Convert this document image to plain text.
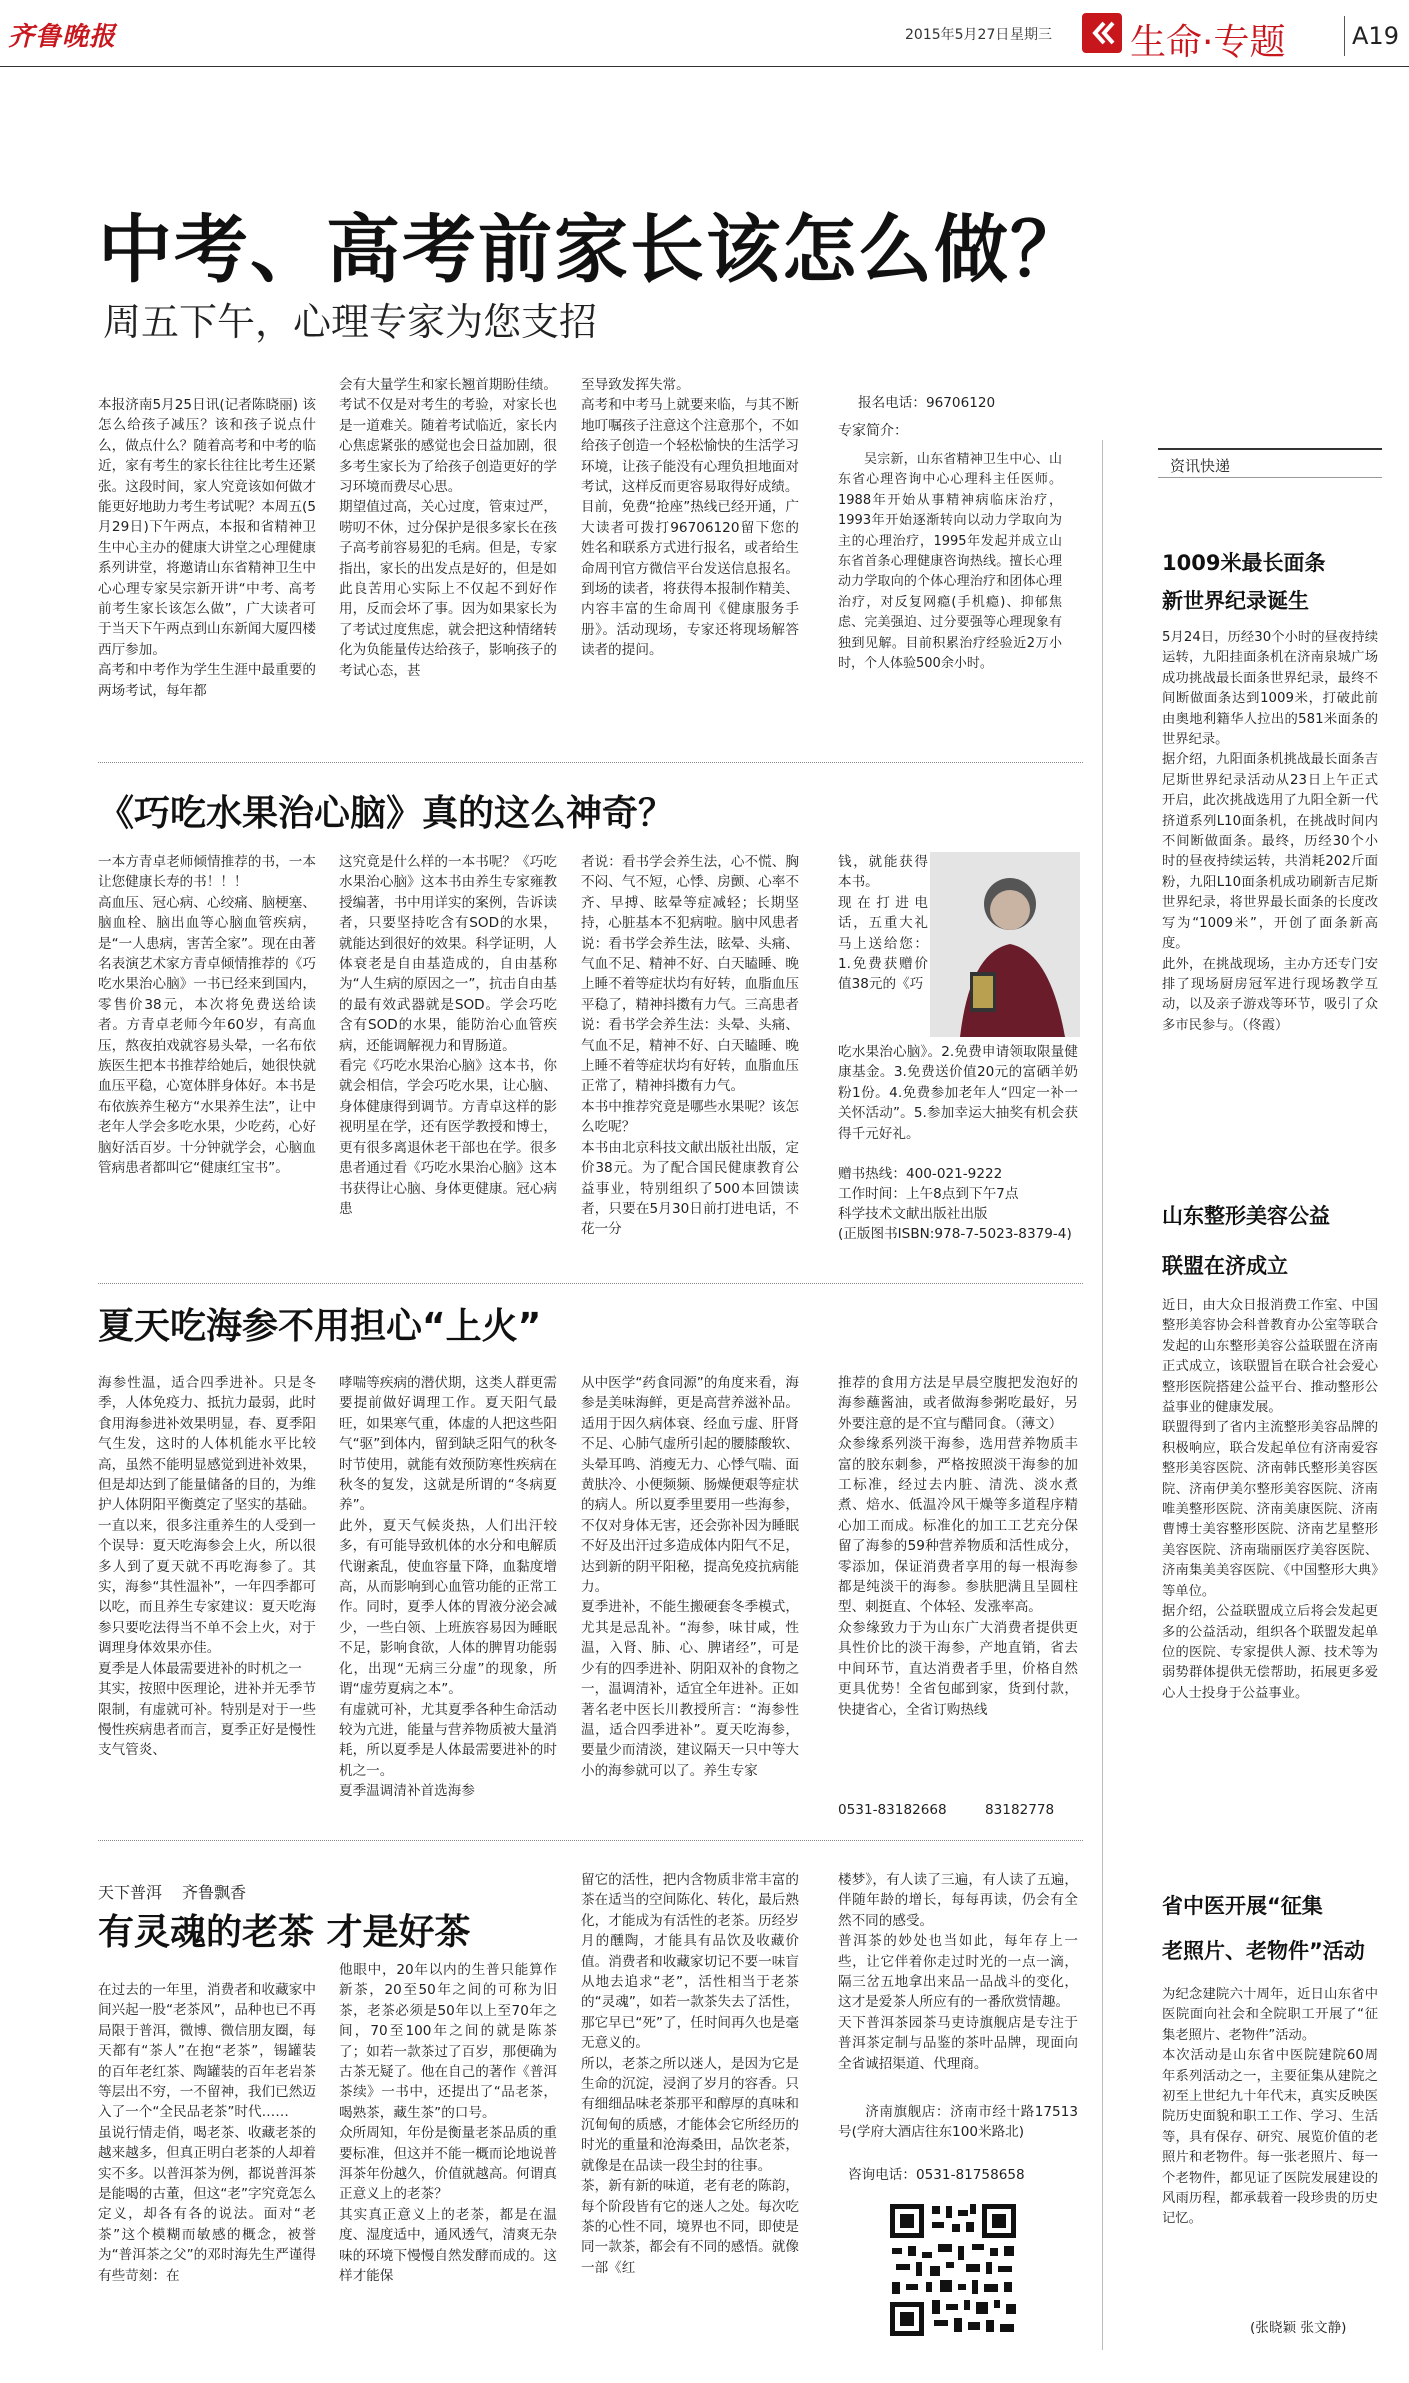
齐鲁晚报	2015年5月27日 星期三 生命·专题	A19
中考、高考前家长该怎么做？
周五下午，心理专家为您支招
本报济南5月25日讯(记者陈晓丽) 该怎么给孩子减压？该和孩子说点什么，做点什么？随着高考和中考的临近，家有考生的家长往往比考生还紧张。这段时间，家人究竟该如何做才能更好地助力考生考试呢？本周五(5月29日)下午两点，本报和省精神卫生中心主办的健康大讲堂之心理健康系列讲堂，将邀请山东省精神卫生中心心理专家吴宗新开讲“中考、高考前考生家长该怎么做”，广大读者可于当天下午两点到山东新闻大厦四楼西厅参加。
高考和中考作为学生生涯中最重要的两场考试，每年都
会有大量学生和家长翘首期盼佳绩。考试不仅是对考生的考验，对家长也是一道难关。随着考试临近，家长内心焦虑紧张的感觉也会日益加剧，很多考生家长为了给孩子创造更好的学习环境而费尽心思。
期望值过高，关心过度，管束过严，唠叨不休，过分保护是很多家长在孩子高考前容易犯的毛病。但是，专家指出，家长的出发点是好的，但是如此良苦用心实际上不仅起不到好作用，反而会坏了事。因为如果家长为了考试过度焦虑，就会把这种情绪转化为负能量传达给孩子，影响孩子的考试心态，甚
至导致发挥失常。
高考和中考马上就要来临，与其不断地叮嘱孩子注意这个注意那个，不如给孩子创造一个轻松愉快的生活学习环境，让孩子能没有心理负担地面对考试，这样反而更容易取得好成绩。
目前，免费“抢座”热线已经开通，广大读者可拨打96706120留下您的姓名和联系方式进行报名，或者给生命周刊官方微信平台发送信息报名。到场的读者，将获得本报制作精美、内容丰富的生命周刊《健康服务手册》。活动现场，专家还将现场解答读者的提问。
报名电话：96706120
专家简介：
吴宗新，山东省精神卫生中心、山东省心理咨询中心心理科主任医师。1988年开始从事精神病临床治疗，1993年开始逐渐转向以动力学取向为主的心理治疗，1995年发起并成立山东省首条心理健康咨询热线。擅长心理动力学取向的个体心理治疗和团体心理治疗，对反复网瘾(手机瘾)、抑郁焦虑、完美强迫、过分要强等心理现象有独到见解。目前积累治疗经验近2万小时，个人体验500余小时。
《巧吃水果治心脑》真的这么神奇？
一本方青卓老师倾情推荐的书，一本让您健康长寿的书！！！
高血压、冠心病、心绞痛、脑梗塞、脑血栓、脑出血等心脑血管疾病，是“一人患病，害苦全家”。现在由著名表演艺术家方青卓倾情推荐的《巧吃水果治心脑》一书已经来到国内，零售价38元，本次将免费送给读者。方青卓老师今年60岁，有高血压，熬夜拍戏就容易头晕，一名布依族医生把本书推荐给她后，她很快就血压平稳，心宽体胖身体好。本书是布依族养生秘方“水果养生法”，让中老年人学会多吃水果，少吃药，心好脑好活百岁。十分钟就学会，心脑血管病患者都叫它“健康红宝书”。
这究竟是什么样的一本书呢？《巧吃水果治心脑》这本书由养生专家雍教授编著，书中用详实的案例，告诉读者，只要坚持吃含有SOD的水果，就能达到很好的效果。科学证明，人体衰老是自由基造成的，自由基称为“人生病的原因之一”，抗击自由基的最有效武器就是SOD。学会巧吃含有SOD的水果，能防治心血管疾病，还能调解视力和胃肠道。
看完《巧吃水果治心脑》这本书，你就会相信，学会巧吃水果，让心脑、身体健康得到调节。方青卓这样的影视明星在学，还有医学教授和博士，更有很多离退休老干部也在学。很多患者通过看《巧吃水果治心脑》这本书获得让心脑、身体更健康。冠心病患
者说：看书学会养生法，心不慌、胸不闷、气不短，心悸、房颤、心率不齐、早搏、眩晕等症减轻；长期坚持，心脏基本不犯病啦。脑中风患者说：看书学会养生法，眩晕、头痛、气血不足、精神不好、白天瞌睡、晚上睡不着等症状均有好转，血脂血压平稳了，精神抖擞有力气。三高患者说：看书学会养生法：头晕、头痛、气血不足，精神不好、白天瞌睡、晚上睡不着等症状均有好转，血脂血压正常了，精神抖擞有力气。
本书中推荐究竟是哪些水果呢？该怎么吃呢？
本书由北京科技文献出版社出版，定价38元。为了配合国民健康教育公益事业，特别组织了500本回馈读者，只要在5月30日前打进电话，不花一分
钱，就能获得本书。
现在打进电话，五重大礼马上送给您：1.免费获赠价值38元的《巧
吃水果治心脑》。2.免费申请领取限量健康基金。3.免费送价值20元的富硒羊奶粉1份。4.免费参加老年人“四定一补一关怀活动”。5.参加幸运大抽奖有机会获得千元好礼。
赠书热线：400-021-9222
工作时间：上午8点到下午7点
科学技术文献出版社出版
(正版图书ISBN:978-7-5023-8379-4)
夏天吃海参不用担心“上火”
海参性温，适合四季进补。只是冬季，人体免疫力、抵抗力最弱，此时食用海参进补效果明显，春、夏季阳气生发，这时的人体机能水平比较高，虽然不能明显感觉到进补效果，但是却达到了能量储备的目的，为维护人体阴阳平衡奠定了坚实的基础。
一直以来，很多注重养生的人受到一个误导：夏天吃海参会上火，所以很多人到了夏天就不再吃海参了。其实，海参“其性温补”，一年四季都可以吃，而且养生专家建议：夏天吃海参只要吃法得当不单不会上火，对于调理身体效果亦佳。
夏季是人体最需要进补的时机之一
其实，按照中医理论，进补并无季节限制，有虚就可补。特别是对于一些慢性疾病患者而言，夏季正好是慢性支气管炎、
哮喘等疾病的潜伏期，这类人群更需要提前做好调理工作。夏天阳气最旺，如果寒气重，体虚的人把这些阳气“驱”到体内，留到缺乏阳气的秋冬时节使用，就能有效预防寒性疾病在秋冬的复发，这就是所谓的“冬病夏养”。
此外，夏天气候炎热，人们出汗较多，有可能导致机体的水分和电解质代谢紊乱，使血容量下降，血黏度增高，从而影响到心血管功能的正常工作。同时，夏季人体的胃液分泌会减少，一些白领、上班族容易因为睡眠不足，影响食欲，人体的脾胃功能弱化，出现“无病三分虚”的现象，所谓“虚劳夏病之本”。
有虚就可补，尤其夏季各种生命活动较为亢进，能量与营养物质被大量消耗，所以夏季是人体最需要进补的时机之一。
夏季温调清补首选海参
从中医学“药食同源”的角度来看，海参是美味海鲜，更是高营养滋补品。适用于因久病体衰、经血亏虚、肝肾不足、心肺气虚所引起的腰膝酸软、头晕耳鸣、消瘦无力、心悸气喘、面黄肤冷、小便频频、肠燥便艰等症状的病人。所以夏季里要用一些海参，不仅对身体无害，还会弥补因为睡眠不好及出汗过多造成体内阳气不足，达到新的阴平阳秘，提高免疫抗病能力。
夏季进补，不能生搬硬套冬季模式，尤其是忌乱补。“海参，味甘咸，性温，入肾、肺、心、脾诸经”，可是少有的四季进补、阴阳双补的食物之一，温调清补，适宜全年进补。正如著名老中医长川教授所言：“海参性温，适合四季进补”。夏天吃海参，要量少而清淡，建议隔天一只中等大小的海参就可以了。养生专家
推荐的食用方法是早晨空腹把发泡好的海参蘸酱油，或者做海参粥吃最好，另外要注意的是不宜与醋同食。（薄文）
众参缘系列淡干海参，选用营养物质丰富的胶东刺参，严格按照淡干海参的加工标准，经过去内脏、清洗、淡水煮煮、焙水、低温冷风干燥等多道程序精心加工而成。标准化的加工工艺充分保留了海参的59种营养物质和活性成分，零添加，保证消费者享用的每一根海参都是纯淡干的海参。参肤肥满且呈圆柱型、刺挺直、个体轻、发涨率高。
众参缘致力于为山东广大消费者提供更具性价比的淡干海参，产地直销，省去中间环节，直达消费者手里，价格自然更具优势！全省包邮到家，货到付款，快捷省心，全省订购热线
0531-83182668	83182778
天下普洱 齐鲁飘香
有灵魂的老茶 才是好茶
在过去的一年里，消费者和收藏家中间兴起一股“老茶风”，品种也已不再局限于普洱，微博、微信朋友圈，每天都有“茶人”在抱“老茶”，锡罐装的百年老红茶、陶罐装的百年老岩茶等层出不穷，一不留神，我们已然迈入了一个“全民品老茶”时代……
虽说行情走俏，喝老茶、收藏老茶的越来越多，但真正明白老茶的人却着实不多。以普洱茶为例，都说普洱茶是能喝的古董，但这“老”字究竟怎么定义，却各有各的说法。面对“老茶”这个模糊而敏感的概念，被誉为“普洱茶之父”的邓时海先生严谨得有些苛刻：在
他眼中，20年以内的生普只能算作新茶，20至50年之间的可称为旧茶，老茶必须是50年以上至70年之间，70至100年之间的就是陈茶了；如若一款茶过了百岁，那便确为古茶无疑了。他在自己的著作《普洱茶续》一书中，还提出了“品老茶，喝熟茶，藏生茶”的口号。
众所周知，年份是衡量老茶品质的重要标准，但这并不能一概而论地说普洱茶年份越久，价值就越高。何谓真正意义上的老茶？
其实真正意义上的老茶，都是在温度、湿度适中，通风透气，清爽无杂味的环境下慢慢自然发酵而成的。这样才能保
留它的活性，把内含物质非常丰富的茶在适当的空间陈化、转化，最后熟化，才能成为有活性的老茶。历经岁月的醺陶，才能具有品饮及收藏价值。消费者和收藏家切记不要一味盲从地去追求“老”，活性相当于老茶的“灵魂”，如若一款茶失去了活性，那它早已“死”了，任时间再久也是毫无意义的。
所以，老茶之所以迷人，是因为它是生命的沉淀，浸润了岁月的容香。只有细细品味老茶那平和醇厚的真味和沉甸甸的质感，才能体会它所经历的时光的重量和沧海桑田，品饮老茶，就像是在品读一段尘封的往事。
茶，新有新的味道，老有老的陈韵，每个阶段皆有它的迷人之处。每次吃茶的心性不同，境界也不同，即使是同一款茶，都会有不同的感悟。就像一部《红
楼梦》，有人读了三遍，有人读了五遍，伴随年龄的增长，每每再读，仍会有全然不同的感受。
普洱茶的妙处也当如此，每年存上一些，让它伴着你走过时光的一点一滴，隔三岔五地拿出来品一品战斗的变化，这才是爱茶人所应有的一番欣赏情趣。
天下普洱茶园茶马吏诗旗舰店是专注于普洱茶定制与品鉴的茶叶品牌，现面向全省诚招渠道、代理商。
济南旗舰店：济南市经十路17513号(学府大酒店往东100米路北)
咨询电话：0531-81758658
资讯快递
1009米最长面条
新世界纪录诞生
5月24日，历经30个小时的昼夜持续运转，九阳挂面条机在济南泉城广场成功挑战最长面条世界纪录，最终不间断做面条达到1009米，打破此前由奥地利籍华人拉出的581米面条的世界纪录。
据介绍，九阳面条机挑战最长面条吉尼斯世界纪录活动从23日上午正式开启，此次挑战选用了九阳全新一代挤道系列L10面条机，在挑战时间内不间断做面条。最终，历经30个小时的昼夜持续运转，共消耗202斤面粉，九阳L10面条机成功刷新吉尼斯世界纪录，将世界最长面条的长度改写为“1009米”，开创了面条新高度。
此外，在挑战现场，主办方还专门安排了现场厨房冠军进行现场教学互动，以及亲子游戏等环节，吸引了众多市民参与。（佟霞）
山东整形美容公益
联盟在济成立
近日，由大众日报消费工作室、中国整形美容协会科普教育办公室等联合发起的山东整形美容公益联盟在济南正式成立，该联盟旨在联合社会爱心整形医院搭建公益平台、推动整形公益事业的健康发展。
联盟得到了省内主流整形美容品牌的积极响应，联合发起单位有济南爱容整形美容医院、济南韩氏整形美容医院、济南伊美尔整形美容医院、济南唯美整形医院、济南美康医院、济南曹博士美容整形医院、济南艺星整形美容医院、济南瑞丽医疗美容医院、济南集美美容医院、《中国整形大典》等单位。
据介绍，公益联盟成立后将会发起更多的公益活动，组织各个联盟发起单位的医院、专家提供人源、技术等为弱势群体提供无偿帮助，拓展更多爱心人士投身于公益事业。
省中医开展“征集
老照片、老物件”活动
为纪念建院六十周年，近日山东省中医院面向社会和全院职工开展了“征集老照片、老物件”活动。
本次活动是山东省中医院建院60周年系列活动之一，主要征集从建院之初至上世纪九十年代末，真实反映医院历史面貌和职工工作、学习、生活等，具有保存、研究、展览价值的老照片和老物件。每一张老照片、每一个老物件，都见证了医院发展建设的风雨历程，都承载着一段珍贵的历史记忆。
(张晓颖 张文静)
